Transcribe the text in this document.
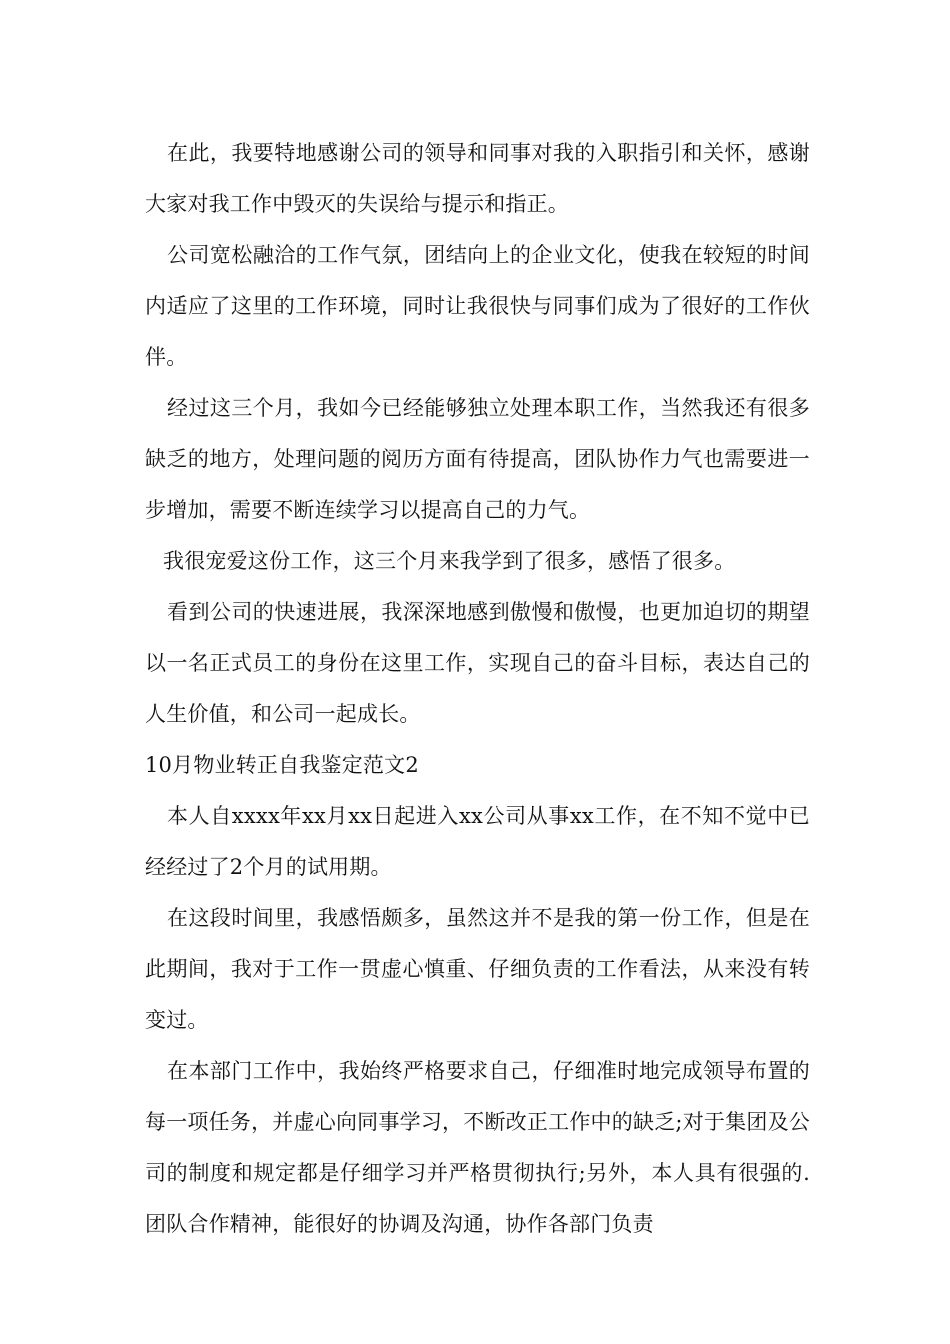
在此，我要特地感谢公司的领导和同事对我的入职指引和关怀，感谢大家对我工作中毁灭的失误给与提示和指正。

公司宽松融洽的工作气氛，团结向上的企业文化，使我在较短的时间内适应了这里的工作环境，同时让我很快与同事们成为了很好的工作伙伴。

经过这三个月，我如今已经能够独立处理本职工作，当然我还有很多缺乏的地方，处理问题的阅历方面有待提高，团队协作力气也需要进一步增加，需要不断连续学习以提高自己的力气。

我很宠爱这份工作，这三个月来我学到了很多，感悟了很多。

看到公司的快速进展，我深深地感到傲慢和傲慢，也更加迫切的期望以一名正式员工的身份在这里工作，实现自己的奋斗目标，表达自己的人生价值，和公司一起成长。

10月物业转正自我鉴定范文2

本人自xxxx年xx月xx日起进入xx公司从事xx工作，在不知不觉中已经经过了2个月的试用期。

在这段时间里，我感悟颇多，虽然这并不是我的第一份工作，但是在此期间，我对于工作一贯虚心慎重、仔细负责的工作看法，从来没有转变过。

在本部门工作中，我始终严格要求自己，仔细准时地完成领导布置的每一项任务，并虚心向同事学习，不断改正工作中的缺乏;对于集团及公司的制度和规定都是仔细学习并严格贯彻执行;另外，本人具有很强的.团队合作精神，能很好的协调及沟通，协作各部门负责
